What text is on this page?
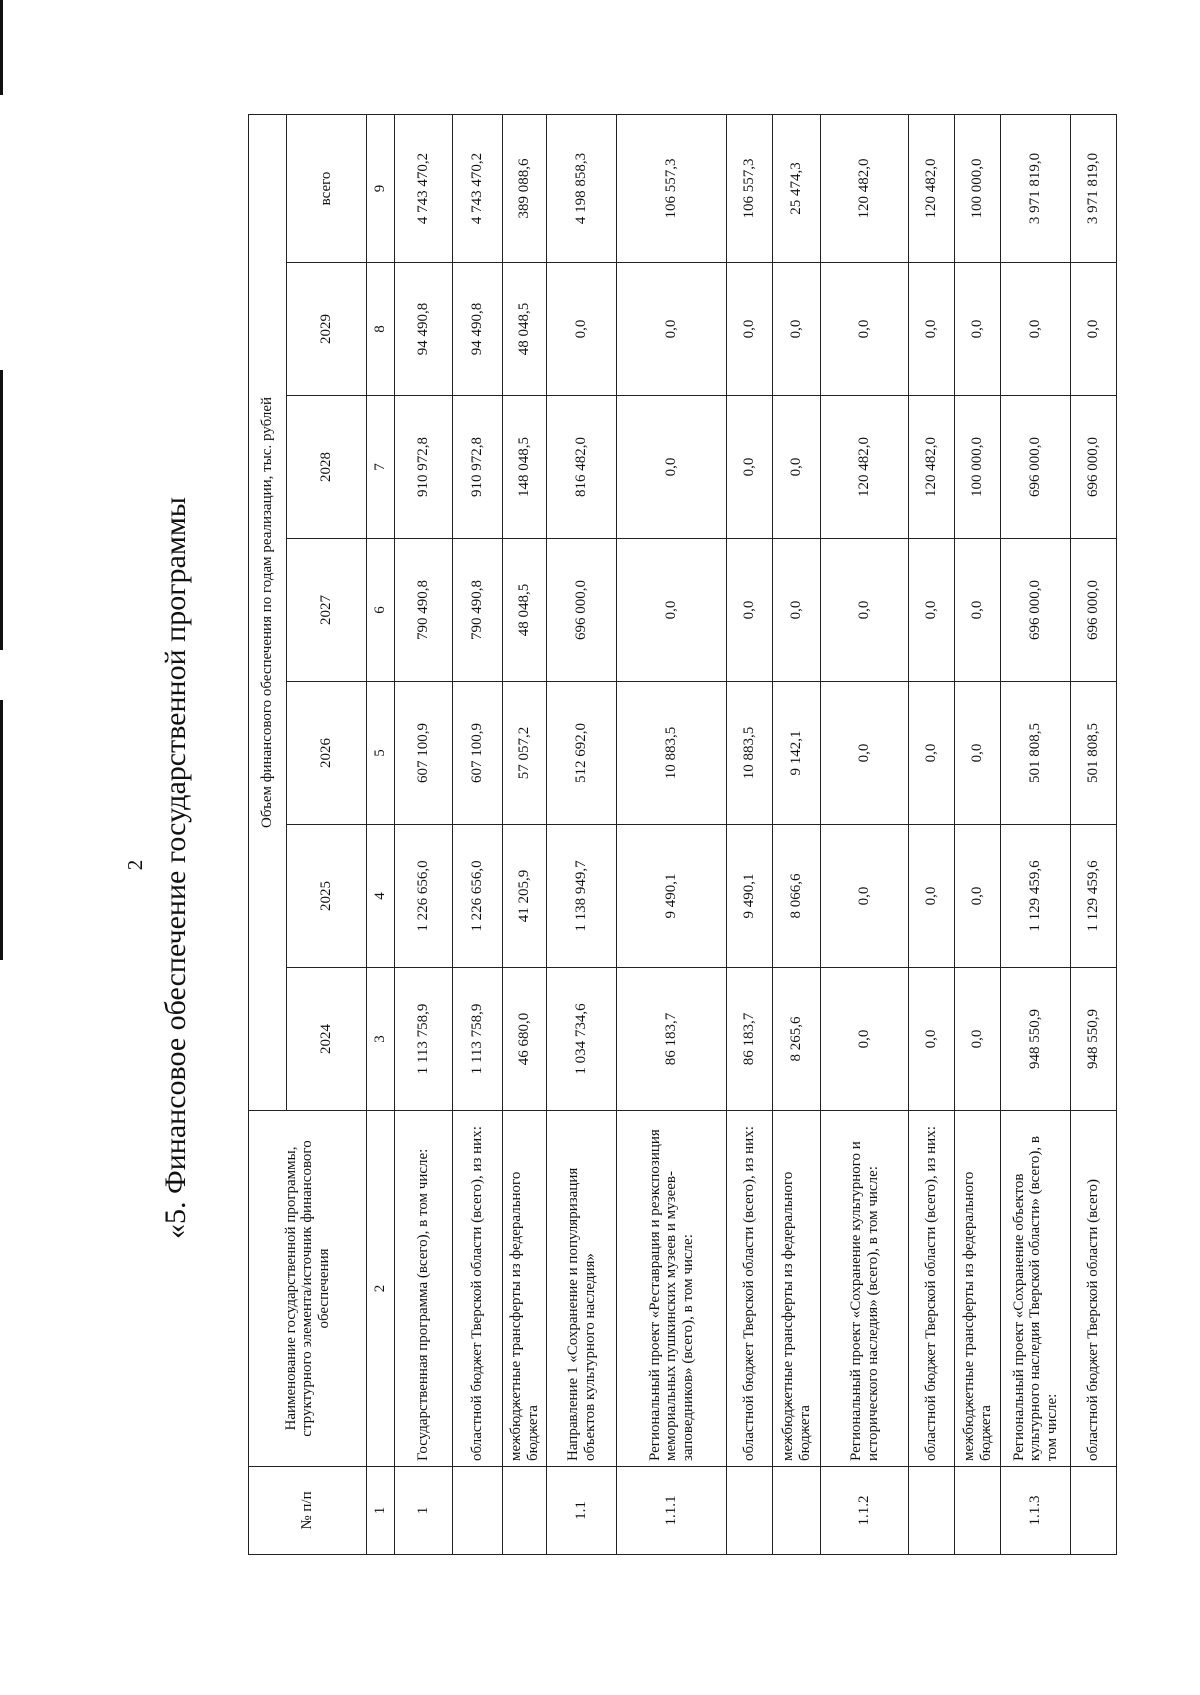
2 «5. Финансовое обеспечение государственной программы
№ п/п	Наименование государственной программы, структурного элемента/источник финансового обеспечения	Объем финансового обеспечения по годам реализации, тыс. рублей						
		2024	2025	2026	2027	2028	2029	всего
1	2	3	4	5	6	7	8	9
1	Государственная программа (всего), в том числе:	1 113 758,9	1 226 656,0	607 100,9	790 490,8	910 972,8	94 490,8	4 743 470,2
	областной бюджет Тверской области (всего), из них:	1 113 758,9	1 226 656,0	607 100,9	790 490,8	910 972,8	94 490,8	4 743 470,2
	межбюджетные трансферты из федерального бюджета	46 680,0	41 205,9	57 057,2	48 048,5	148 048,5	48 048,5	389 088,6
1.1	Направление 1 «Сохранение и популяризация объектов культурного наследия»	1 034 734,6	1 138 949,7	512 692,0	696 000,0	816 482,0	0,0	4 198 858,3
1.1.1	Региональный проект «Реставрация и реэкспозиция мемориальных пушкинских музеев и музеев-заповедников» (всего), в том числе:	86 183,7	9 490,1	10 883,5	0,0	0,0	0,0	106 557,3
	областной бюджет Тверской области (всего), из них:	86 183,7	9 490,1	10 883,5	0,0	0,0	0,0	106 557,3
	межбюджетные трансферты из федерального бюджета	8 265,6	8 066,6	9 142,1	0,0	0,0	0,0	25 474,3
1.1.2	Региональный проект «Сохранение культурного и исторического наследия» (всего), в том числе:	0,0	0,0	0,0	0,0	120 482,0	0,0	120 482,0
	областной бюджет Тверской области (всего), из них:	0,0	0,0	0,0	0,0	120 482,0	0,0	120 482,0
	межбюджетные трансферты из федерального бюджета	0,0	0,0	0,0	0,0	100 000,0	0,0	100 000,0
1.1.3	Региональный проект «Сохранение объектов культурного наследия Тверской области» (всего), в том числе:	948 550,9	1 129 459,6	501 808,5	696 000,0	696 000,0	0,0	3 971 819,0
	областной бюджет Тверской области (всего)	948 550,9	1 129 459,6	501 808,5	696 000,0	696 000,0	0,0	3 971 819,0
